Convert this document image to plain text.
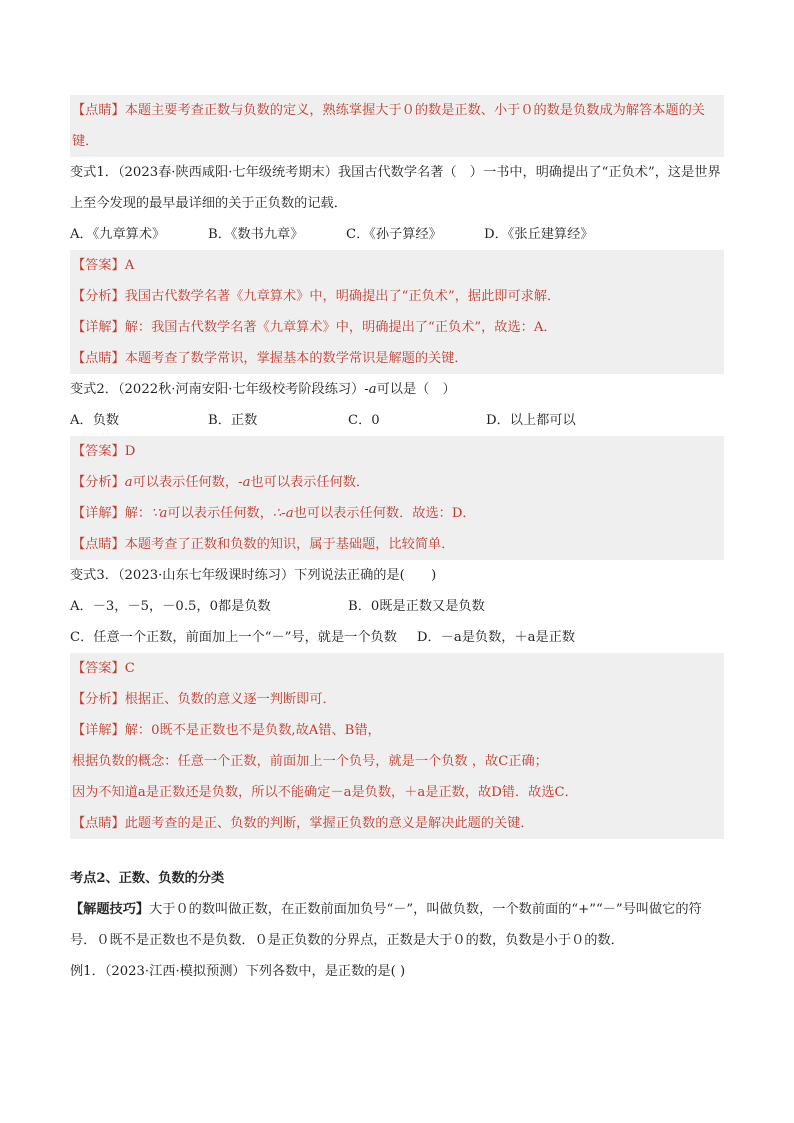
【点睛】本题主要考查正数与负数的定义，熟练掌握大于０的数是正数、小于０的数是负数成为解答本题的关键．
变式1．（2023春·陕西咸阳·七年级统考期末）我国古代数学名著（　）一书中，明确提出了“正负术”，这是世界上至今发现的最早最详细的关于正负数的记载．
A．《九章算术》	B．《数书九章》	C．《孙子算经》	D．《张丘建算经》
【答案】A
【分析】我国古代数学名著《九章算术》中，明确提出了“正负术”，据此即可求解．
【详解】解：我国古代数学名著《九章算术》中，明确提出了“正负术”，故选：A．
【点睛】本题考查了数学常识，掌握基本的数学常识是解题的关键．
变式2．（2022秋·河南安阳·七年级校考阶段练习）-a可以是（　）
A．负数	B．正数	C．0	D．以上都可以
【答案】D
【分析】a可以表示任何数，-a也可以表示任何数．
【详解】解：∵a可以表示任何数，∴-a也可以表示任何数．故选：D．
【点睛】本题考查了正数和负数的知识，属于基础题，比较简单．
变式3．（2023·山东七年级课时练习）下列说法正确的是(　　)
A．－3，－5，－0.5，0都是负数	B．0既是正数又是负数
C．任意一个正数，前面加上一个“－”号，就是一个负数 D．－a是负数，＋a是正数
【答案】C
【分析】根据正、负数的意义逐一判断即可．
【详解】解：0既不是正数也不是负数,故A错、B错，
根据负数的概念：任意一个正数，前面加上一个负号，就是一个负数 ，故C正确；
因为不知道a是正数还是负数，所以不能确定－a是负数，＋a是正数，故D错．故选C．
【点睛】此题考查的是正、负数的判断，掌握正负数的意义是解决此题的关键．
考点2、正数、负数的分类
【解题技巧】大于０的数叫做正数，在正数前面加负号“－”，叫做负数，一个数前面的“+”“－”号叫做它的符号．０既不是正数也不是负数．０是正负数的分界点，正数是大于０的数，负数是小于０的数．
例1．（2023·江西·模拟预测）下列各数中，是正数的是( )
